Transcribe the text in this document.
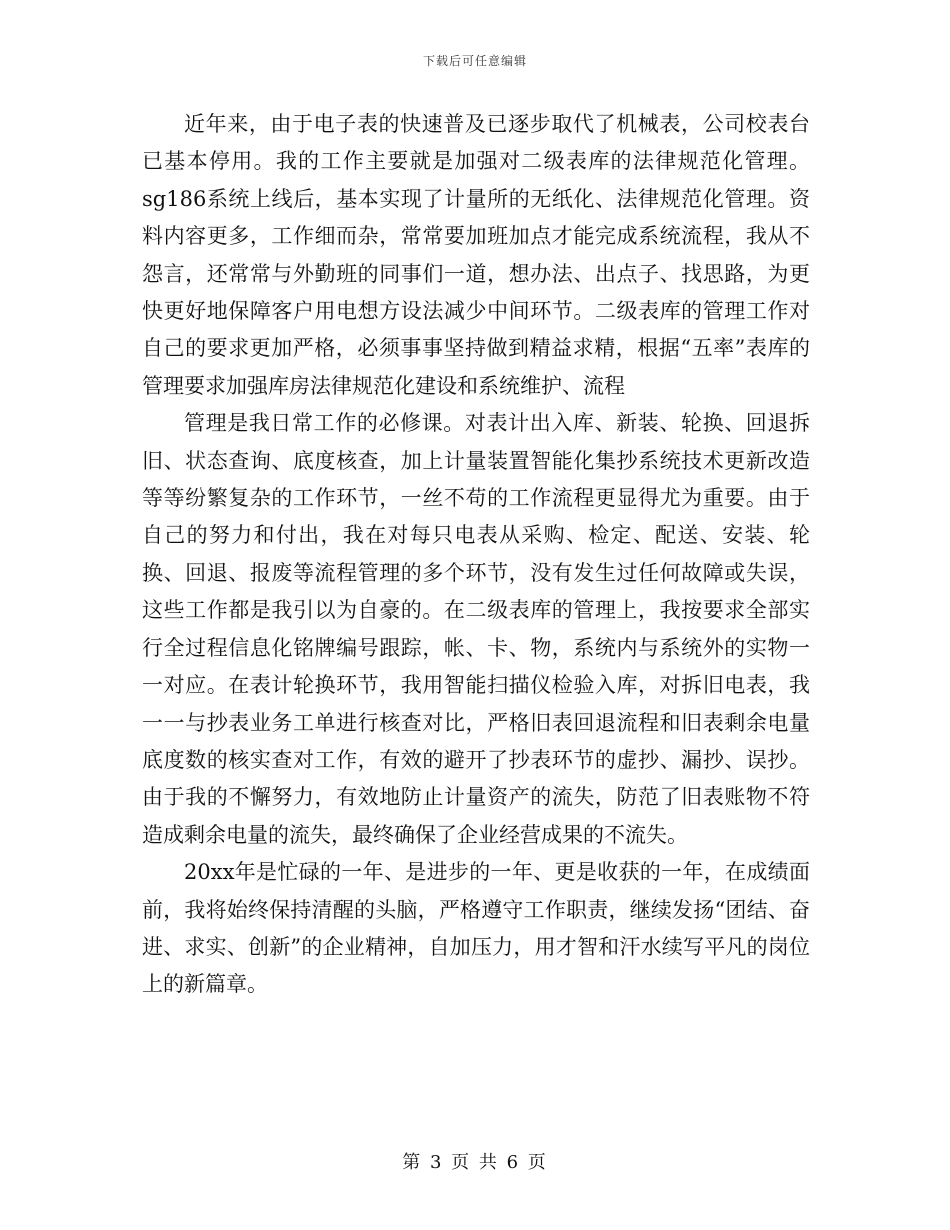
下载后可任意编辑

近年来，由于电子表的快速普及已逐步取代了机械表，公司校表台已基本停用。我的工作主要就是加强对二级表库的法律规范化管理。sg186系统上线后，基本实现了计量所的无纸化、法律规范化管理。资料内容更多，工作细而杂，常常要加班加点才能完成系统流程，我从不怨言，还常常与外勤班的同事们一道，想办法、出点子、找思路，为更快更好地保障客户用电想方设法减少中间环节。二级表库的管理工作对自己的要求更加严格，必须事事坚持做到精益求精，根据“五率”表库的管理要求加强库房法律规范化建设和系统维护、流程

管理是我日常工作的必修课。对表计出入库、新装、轮换、回退拆旧、状态查询、底度核查，加上计量装置智能化集抄系统技术更新改造等等纷繁复杂的工作环节，一丝不苟的工作流程更显得尤为重要。由于自己的努力和付出，我在对每只电表从采购、检定、配送、安装、轮换、回退、报废等流程管理的多个环节，没有发生过任何故障或失误，这些工作都是我引以为自豪的。在二级表库的管理上，我按要求全部实行全过程信息化铭牌编号跟踪，帐、卡、物，系统内与系统外的实物一一对应。在表计轮换环节，我用智能扫描仪检验入库，对拆旧电表，我一一与抄表业务工单进行核查对比，严格旧表回退流程和旧表剩余电量底度数的核实查对工作，有效的避开了抄表环节的虚抄、漏抄、误抄。由于我的不懈努力，有效地防止计量资产的流失，防范了旧表账物不符造成剩余电量的流失，最终确保了企业经营成果的不流失。

20xx年是忙碌的一年、是进步的一年、更是收获的一年，在成绩面前，我将始终保持清醒的头脑，严格遵守工作职责，继续发扬“团结、奋进、求实、创新”的企业精神，自加压力，用才智和汗水续写平凡的岗位上的新篇章。

第 3 页 共 6 页
